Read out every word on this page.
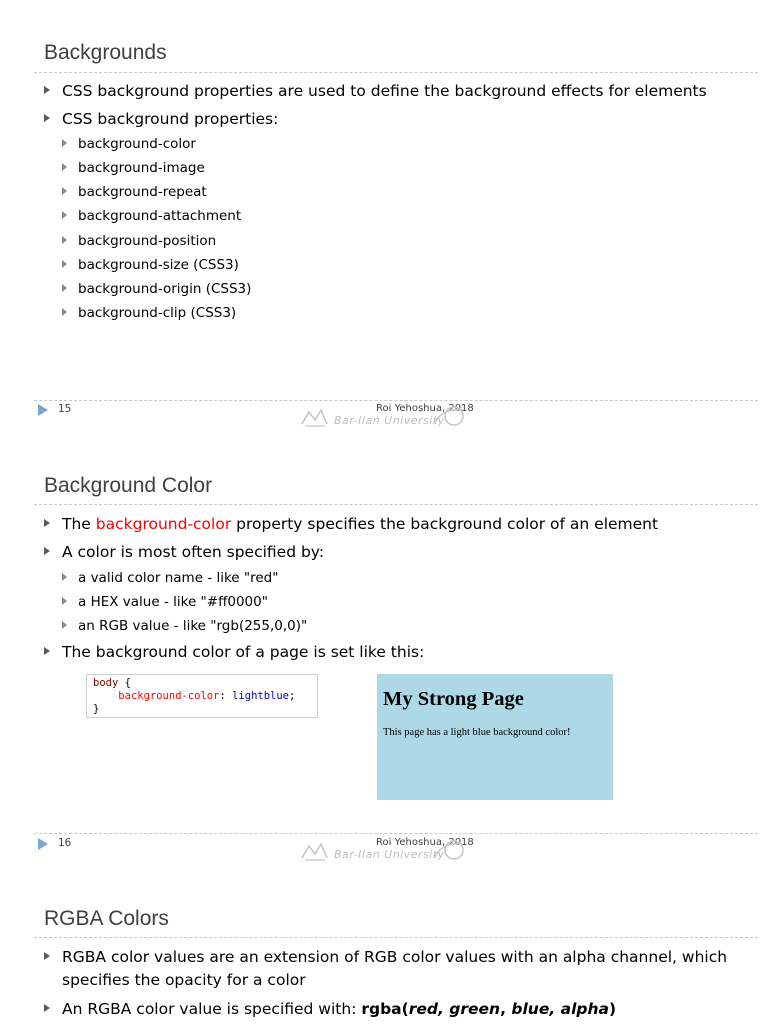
Backgrounds
CSS background properties are used to define the background effects for elements
CSS background properties:
background-color
background-image
background-repeat
background-attachment
background-position
background-size (CSS3)
background-origin (CSS3)
background-clip (CSS3)
15	Roi Yehoshua, 2018
Bar-Ilan University
Background Color
The background-color property specifies the background color of an element
A color is most often specified by:
a valid color name - like "red"
a HEX value - like "#ff0000"
an RGB value - like "rgb(255,0,0)"
The background color of a page is set like this:
body {
background-color: lightblue;
}	My Strong Page

This page has a light blue background color!

16	Roi Yehoshua, 2018
Bar-Ilan University
RGBA Colors
RGBA color values are an extension of RGB color values with an alpha channel, which
specifies the opacity for a color
An RGBA color value is specified with: rgba(red, green, blue, alpha)
